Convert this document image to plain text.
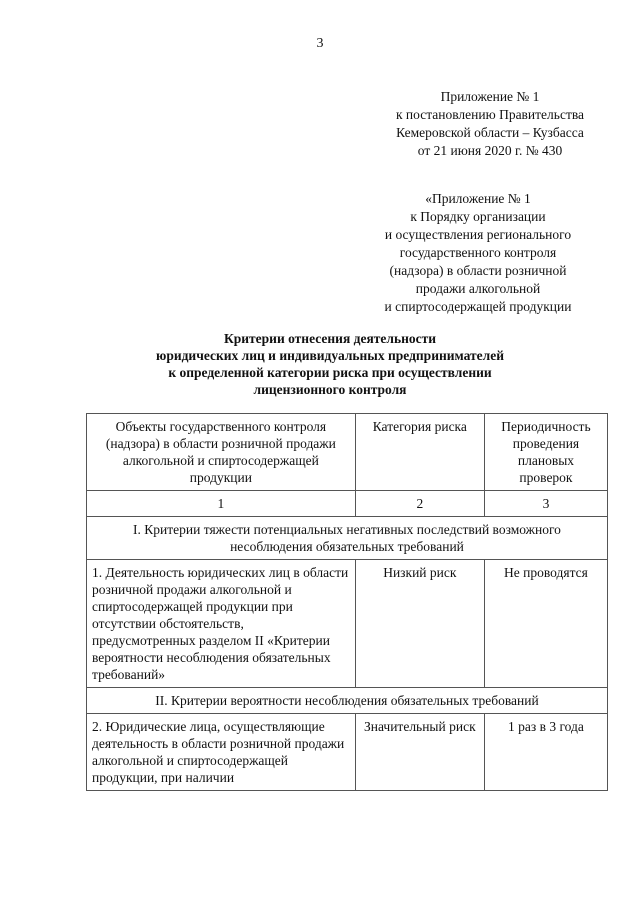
3
Приложение № 1
к постановлению Правительства
Кемеровской области – Кузбасса
от 21 июня 2020 г. № 430
«Приложение № 1
к Порядку организации
и осуществления регионального
государственного контроля
(надзора) в области розничной
продажи алкогольной
и спиртосодержащей продукции
Критерии отнесения деятельности
юридических лиц и индивидуальных предпринимателей
к определенной категории риска при осуществлении
лицензионного контроля
Объекты государственного контроля (надзора) в области розничной продажи алкогольной и спиртосодержащей продукции	Категория риска	Периодичность проведения плановых проверок
1	2	3
I. Критерии тяжести потенциальных негативных последствий возможного несоблюдения обязательных требований		
1. Деятельность юридических лиц в области розничной продажи алкогольной и спиртосодержащей продукции при отсутствии обстоятельств, предусмотренных разделом II «Критерии вероятности несоблюдения обязательных требований»	Низкий риск	Не проводятся
II. Критерии вероятности несоблюдения обязательных требований		
2. Юридические лица, осуществляющие деятельность в области розничной продажи алкогольной и спиртосодержащей продукции, при наличии	Значительный риск	1 раз в 3 года
